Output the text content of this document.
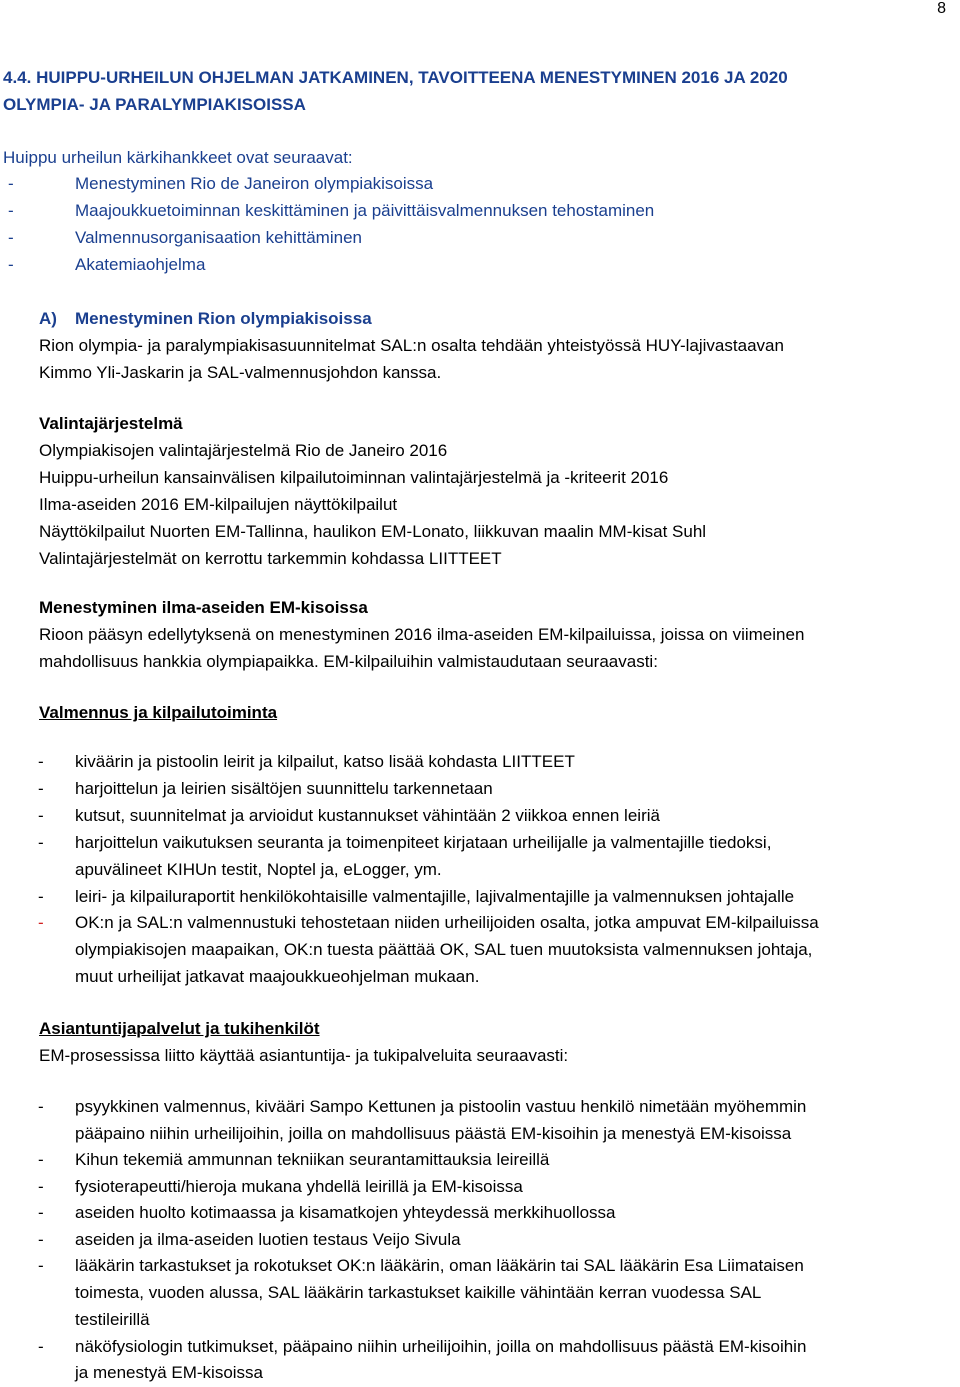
8
4.4. HUIPPU-URHEILUN OHJELMAN JATKAMINEN, TAVOITTEENA MENESTYMINEN 2016 JA 2020
OLYMPIA- JA PARALYMPIAKISOISSA
Huippu urheilun kärkihankkeet ovat seuraavat:
-	Menestyminen Rio de Janeiron olympiakisoissa
-	Maajoukkuetoiminnan keskittäminen ja päivittäisvalmennuksen tehostaminen
-	Valmennusorganisaation kehittäminen
-	Akatemiaohjelma
A) Menestyminen Rion olympiakisoissa
Rion olympia- ja paralympiakisasuunnitelmat SAL:n osalta tehdään yhteistyössä HUY-lajivastaavan
Kimmo Yli-Jaskarin ja SAL-valmennusjohdon kanssa.
Valintajärjestelmä
Olympiakisojen valintajärjestelmä Rio de Janeiro 2016
Huippu-urheilun kansainvälisen kilpailutoiminnan valintajärjestelmä ja -kriteerit 2016
Ilma-aseiden 2016 EM-kilpailujen näyttökilpailut
Näyttökilpailut Nuorten EM-Tallinna, haulikon EM-Lonato, liikkuvan maalin MM-kisat Suhl
Valintajärjestelmät on kerrottu tarkemmin kohdassa LIITTEET
Menestyminen ilma-aseiden EM-kisoissa
Rioon pääsyn edellytyksenä on menestyminen 2016 ilma-aseiden EM-kilpailuissa, joissa on viimeinen
mahdollisuus hankkia olympiapaikka. EM-kilpailuihin valmistaudutaan seuraavasti:
Valmennus ja kilpailutoiminta
- kiväärin ja pistoolin leirit ja kilpailut, katso lisää kohdasta LIITTEET
- harjoittelun ja leirien sisältöjen suunnittelu tarkennetaan
- kutsut, suunnitelmat ja arvioidut kustannukset vähintään 2 viikkoa ennen leiriä
- harjoittelun vaikutuksen seuranta ja toimenpiteet kirjataan urheilijalle ja valmentajille tiedoksi,
apuvälineet KIHUn testit, Noptel ja, eLogger, ym.
- leiri- ja kilpailuraportit henkilökohtaisille valmentajille, lajivalmentajille ja valmennuksen johtajalle
- OK:n ja SAL:n valmennustuki tehostetaan niiden urheilijoiden osalta, jotka ampuvat EM-kilpailuissa
olympiakisojen maapaikan, OK:n tuesta päättää OK, SAL tuen muutoksista valmennuksen johtaja,
muut urheilijat jatkavat maajoukkueohjelman mukaan.
Asiantuntijapalvelut ja tukihenkilöt
EM-prosessissa liitto käyttää asiantuntija- ja tukipalveluita seuraavasti:
- psyykkinen valmennus, kivääri Sampo Kettunen ja pistoolin vastuu henkilö nimetään myöhemmin
pääpaino niihin urheilijoihin, joilla on mahdollisuus päästä EM-kisoihin ja menestyä EM-kisoissa
- Kihun tekemiä ammunnan tekniikan seurantamittauksia leireillä
- fysioterapeutti/hieroja mukana yhdellä leirillä ja EM-kisoissa
- aseiden huolto kotimaassa ja kisamatkojen yhteydessä merkkihuollossa
- aseiden ja ilma-aseiden luotien testaus Veijo Sivula
- lääkärin tarkastukset ja rokotukset OK:n lääkärin, oman lääkärin tai SAL lääkärin Esa Liimataisen
toimesta, vuoden alussa, SAL lääkärin tarkastukset kaikille vähintään kerran vuodessa SAL
testileirillä
- näköfysiologin tutkimukset, pääpaino niihin urheilijoihin, joilla on mahdollisuus päästä EM-kisoihin
ja menestyä EM-kisoissa
